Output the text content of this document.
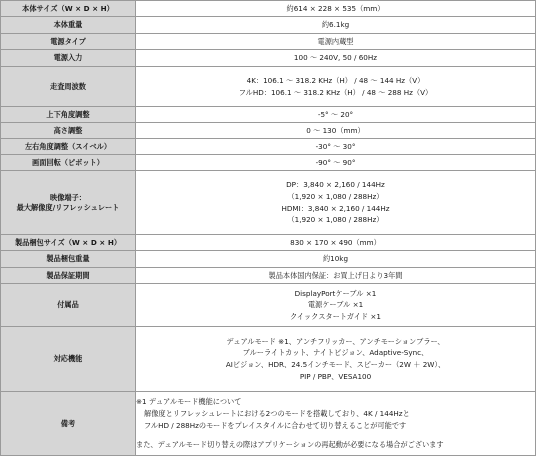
本体サイズ（W × D × H）	約614 × 228 × 535（mm）

本体重量	約6.1kg

電源タイプ	電源内蔵型

電源入力	100 ～ 240V, 50 / 60Hz

走査周波数	4K：106.1 ～ 318.2 KHz（H） / 48 ～ 144 Hz（V）
フルHD：106.1 ～ 318.2 KHz（H） / 48 ～ 288 Hz（V）

上下角度調整	-5° ～ 20°

高さ調整	0 ～ 130（mm）

左右角度調整（スイベル）	-30° ～ 30°

画面回転（ピボット）	-90° ～ 90°

映像端子：
最大解像度/リフレッシュレート	DP：3,840 × 2,160 / 144Hz
（1,920 × 1,080 / 288Hz）
HDMI：3,840 × 2,160 / 144Hz
（1,920 × 1,080 / 288Hz）

製品梱包サイズ（W × D × H）	830 × 170 × 490（mm）

製品梱包重量	約10kg

製品保証期間	製品本体国内保証：お買上げ日より3年間

付属品	DisplayPortケーブル ×1
電源ケーブル ×1
クイックスタートガイド ×1

対応機能	デュアルモード ※1、アンチフリッカー、アンチモーションブラー、
ブルーライトカット、ナイトビジョン、Adaptive-Sync、
AIビジョン、HDR、24.5インチモード、スピーカー（2W ＋ 2W）、
PIP / PBP、VESA100

備考	※1 デュアルモード機能について
解像度とリフレッシュレートにおける2つのモードを搭載しており、4K / 144Hzと
フルHD / 288Hzのモードをプレイスタイルに合わせて切り替えることが可能です
また、デュアルモード切り替えの際はアプリケーションの再起動が必要になる場合がございます
